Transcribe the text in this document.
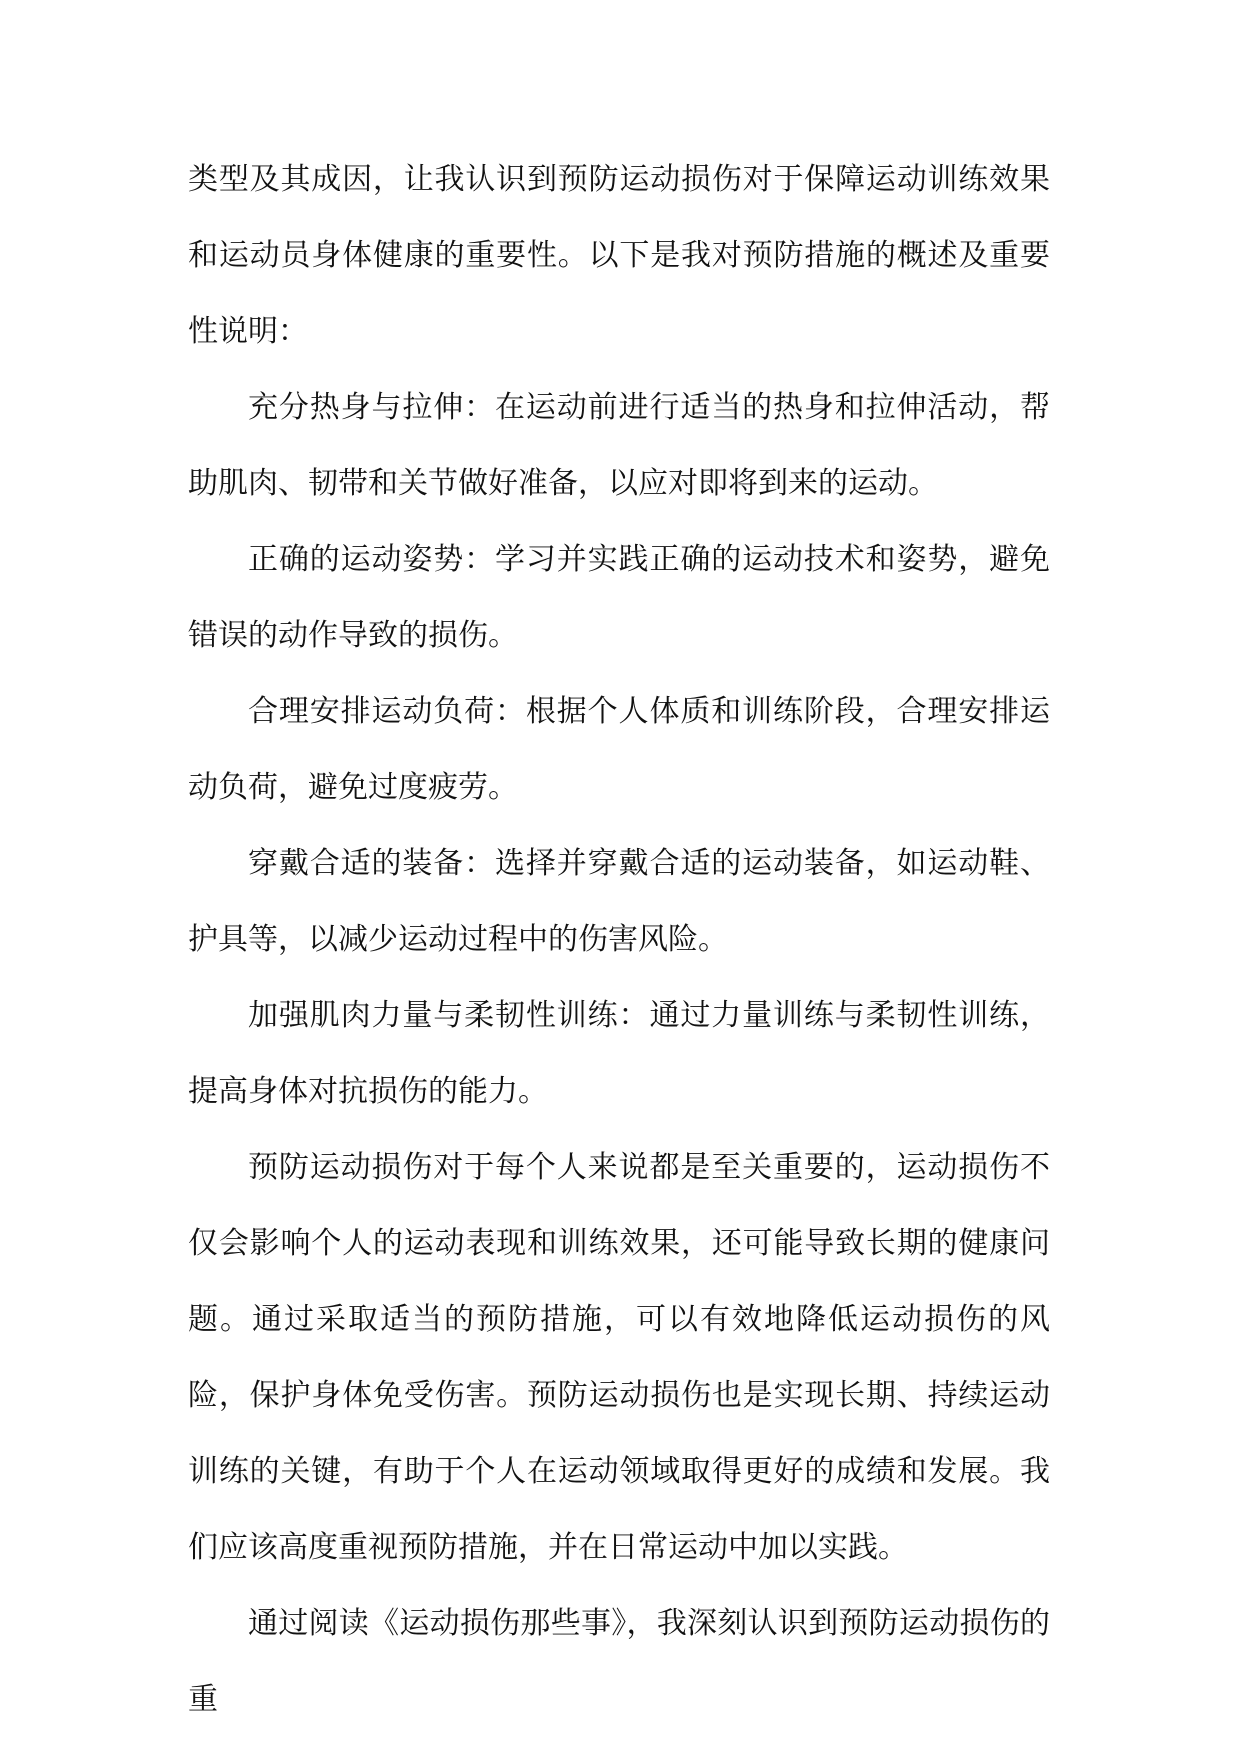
类型及其成因，让我认识到预防运动损伤对于保障运动训练效果和运动员身体健康的重要性。以下是我对预防措施的概述及重要性说明：

充分热身与拉伸：在运动前进行适当的热身和拉伸活动，帮助肌肉、韧带和关节做好准备，以应对即将到来的运动。

正确的运动姿势：学习并实践正确的运动技术和姿势，避免错误的动作导致的损伤。

合理安排运动负荷：根据个人体质和训练阶段，合理安排运动负荷，避免过度疲劳。

穿戴合适的装备：选择并穿戴合适的运动装备，如运动鞋、护具等，以减少运动过程中的伤害风险。

加强肌肉力量与柔韧性训练：通过力量训练与柔韧性训练，提高身体对抗损伤的能力。

预防运动损伤对于每个人来说都是至关重要的，运动损伤不仅会影响个人的运动表现和训练效果，还可能导致长期的健康问题。通过采取适当的预防措施，可以有效地降低运动损伤的风险，保护身体免受伤害。预防运动损伤也是实现长期、持续运动训练的关键，有助于个人在运动领域取得更好的成绩和发展。我们应该高度重视预防措施，并在日常运动中加以实践。

通过阅读《运动损伤那些事》，我深刻认识到预防运动损伤的重
